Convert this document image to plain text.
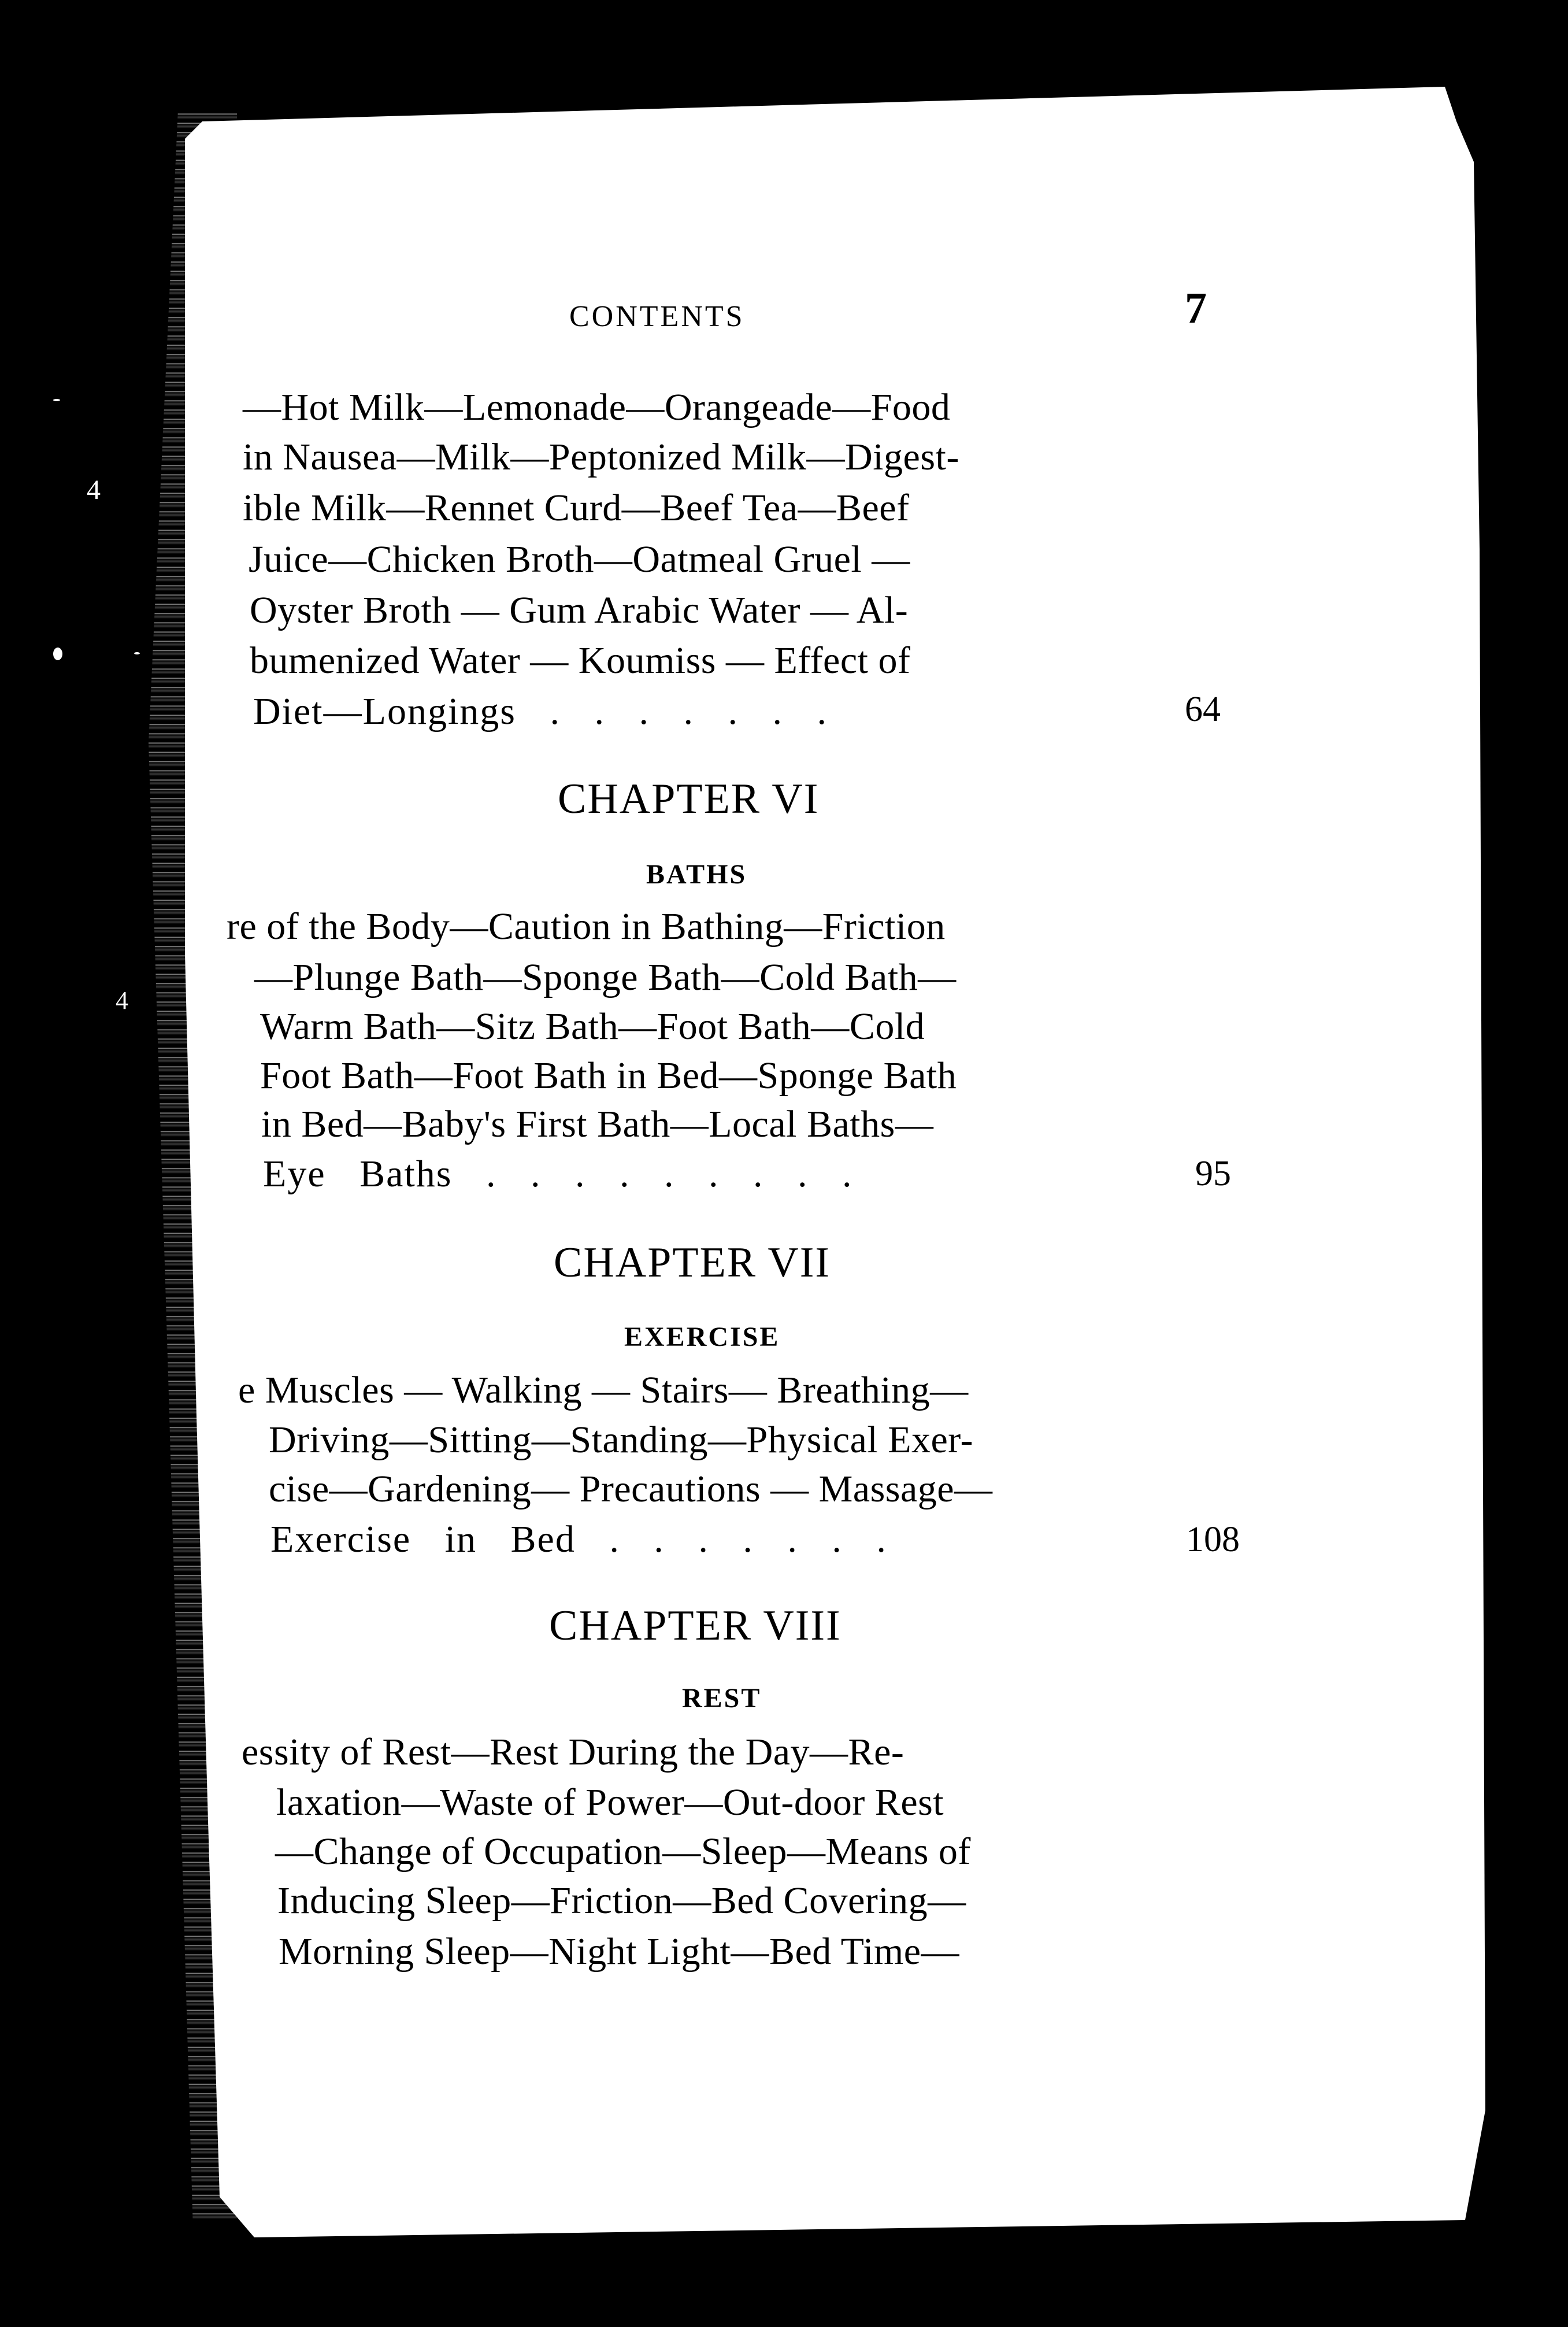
4
4
CONTENTS	7
—Hot Milk—Lemonade—Orangeade—Food
in Nausea—Milk—Peptonized Milk—Digest-
ible Milk—Rennet Curd—Beef Tea—Beef
Juice—Chicken Broth—Oatmeal Gruel —
Oyster Broth — Gum Arabic Water — Al-
bumenized Water — Koumiss — Effect of
Diet—Longings . . . . . . .	64
CHAPTER VI
BATHS
re of the Body—Caution in Bathing—Friction
—Plunge Bath—Sponge Bath—Cold Bath—
Warm Bath—Sitz Bath—Foot Bath—Cold
Foot Bath—Foot Bath in Bed—Sponge Bath
in Bed—Baby's First Bath—Local Baths—
Eye Baths . . . . . . . . .	95
CHAPTER VII
EXERCISE
e Muscles — Walking — Stairs— Breathing—
Driving—Sitting—Standing—Physical Exer-
cise—Gardening— Precautions — Massage—
Exercise in Bed . . . . . . .	108
CHAPTER VIII
REST
essity of Rest—Rest During the Day—Re-
laxation—Waste of Power—Out-door Rest
—Change of Occupation—Sleep—Means of
Inducing Sleep—Friction—Bed Covering—
Morning Sleep—Night Light—Bed Time—
